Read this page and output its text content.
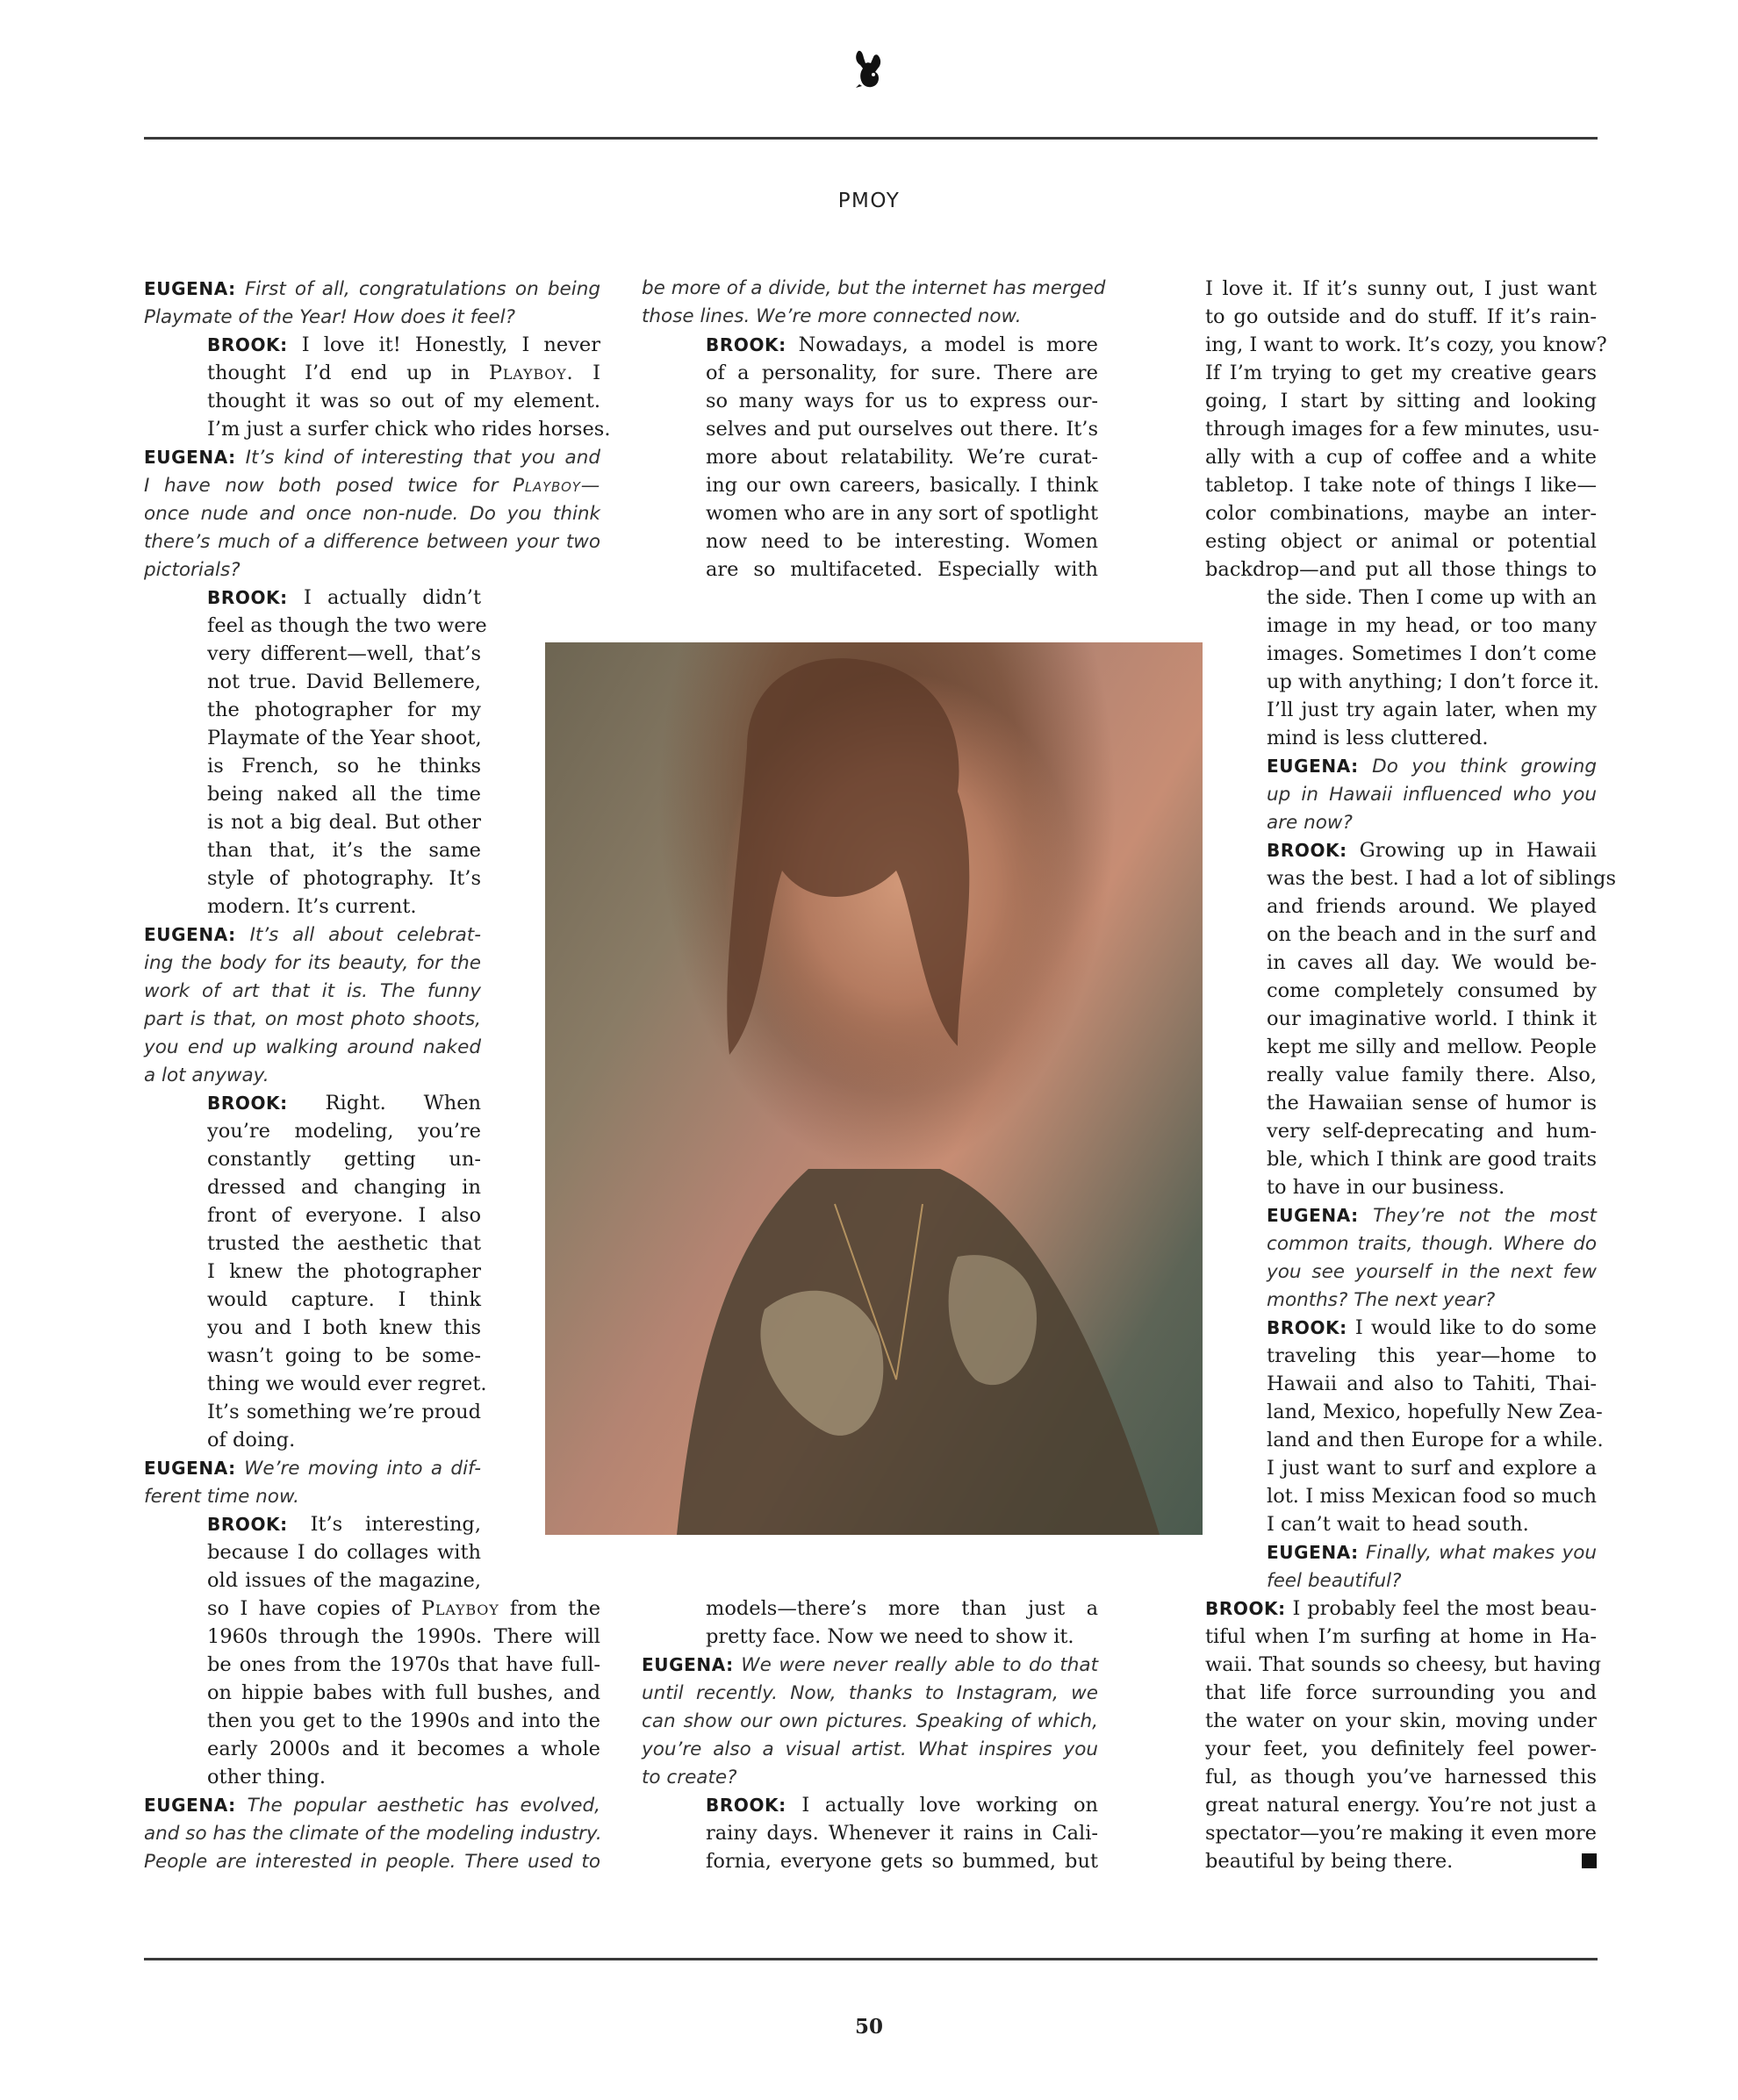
PMOY

EUGENA: First of all, congratulations on being
Playmate of the Year! How does it feel?

BROOK: I love it! Honestly, I never
thought I’d end up in Playboy. I
thought it was so out of my element.
I’m just a surfer chick who rides horses.

EUGENA: It’s kind of interesting that you and
I have now both posed twice for Playboy—
once nude and once non-nude. Do you think
there’s much of a difference between your two
pictorials?

BROOK: I actually didn’t
feel as though the two were
very different—well, that’s
not true. David Bellemere,
the photographer for my
Playmate of the Year shoot,
is French, so he thinks
being naked all the time
is not a big deal. But other
than that, it’s the same
style of photography. It’s
modern. It’s current.

EUGENA: It’s all about celebrat-
ing the body for its beauty, for the
work of art that it is. The funny
part is that, on most photo shoots,
you end up walking around naked
a lot anyway.

BROOK: Right. When
you’re modeling, you’re
constantly getting un-
dressed and changing in
front of everyone. I also
trusted the aesthetic that
I knew the photographer
would capture. I think
you and I both knew this
wasn’t going to be some-
thing we would ever regret.
It’s something we’re proud
of doing.

EUGENA: We’re moving into a dif-
ferent time now.

BROOK: It’s interesting,
because I do collages with
old issues of the magazine,
so I have copies of Playboy from the
1960s through the 1990s. There will
be ones from the 1970s that have full-
on hippie babes with full bushes, and
then you get to the 1990s and into the
early 2000s and it becomes a whole
other thing.

EUGENA: The popular aesthetic has evolved,
and so has the climate of the modeling industry.
People are interested in people. There used to

be more of a divide, but the internet has merged
those lines. We’re more connected now.

BROOK: Nowadays, a model is more
of a personality, for sure. There are
so many ways for us to express our-
selves and put ourselves out there. It’s
more about relatability. We’re curat-
ing our own careers, basically. I think
women who are in any sort of spotlight
now need to be interesting. Women
are so multifaceted. Especially with

models—there’s more than just a
pretty face. Now we need to show it.

EUGENA: We were never really able to do that
until recently. Now, thanks to Instagram, we
can show our own pictures. Speaking of which,
you’re also a visual artist. What inspires you
to create?

BROOK: I actually love working on
rainy days. Whenever it rains in Cali-
fornia, everyone gets so bummed, but

I love it. If it’s sunny out, I just want
to go outside and do stuff. If it’s rain-
ing, I want to work. It’s cozy, you know?
If I’m trying to get my creative gears
going, I start by sitting and looking
through images for a few minutes, usu-
ally with a cup of coffee and a white
tabletop. I take note of things I like—
color combinations, maybe an inter-
esting object or animal or potential
backdrop—and put all those things to

the side. Then I come up with an
image in my head, or too many
images. Sometimes I don’t come
up with anything; I don’t force it.
I’ll just try again later, when my
mind is less cluttered.

EUGENA: Do you think growing
up in Hawaii influenced who you
are now?

BROOK: Growing up in Hawaii
was the best. I had a lot of siblings
and friends around. We played
on the beach and in the surf and
in caves all day. We would be-
come completely consumed by
our imaginative world. I think it
kept me silly and mellow. People
really value family there. Also,
the Hawaiian sense of humor is
very self-deprecating and hum-
ble, which I think are good traits
to have in our business.

EUGENA: They’re not the most
common traits, though. Where do
you see yourself in the next few
months? The next year?

BROOK: I would like to do some
traveling this year—home to
Hawaii and also to Tahiti, Thai-
land, Mexico, hopefully New Zea-
land and then Europe for a while.
I just want to surf and explore a
lot. I miss Mexican food so much
I can’t wait to head south.

EUGENA: Finally, what makes you
feel beautiful?

BROOK: I probably feel the most beau-
tiful when I’m surfing at home in Ha-
waii. That sounds so cheesy, but having
that life force surrounding you and
the water on your skin, moving under
your feet, you definitely feel power-
ful, as though you’ve harnessed this
great natural energy. You’re not just a
spectator—you’re making it even more
beautiful by being there.

50
